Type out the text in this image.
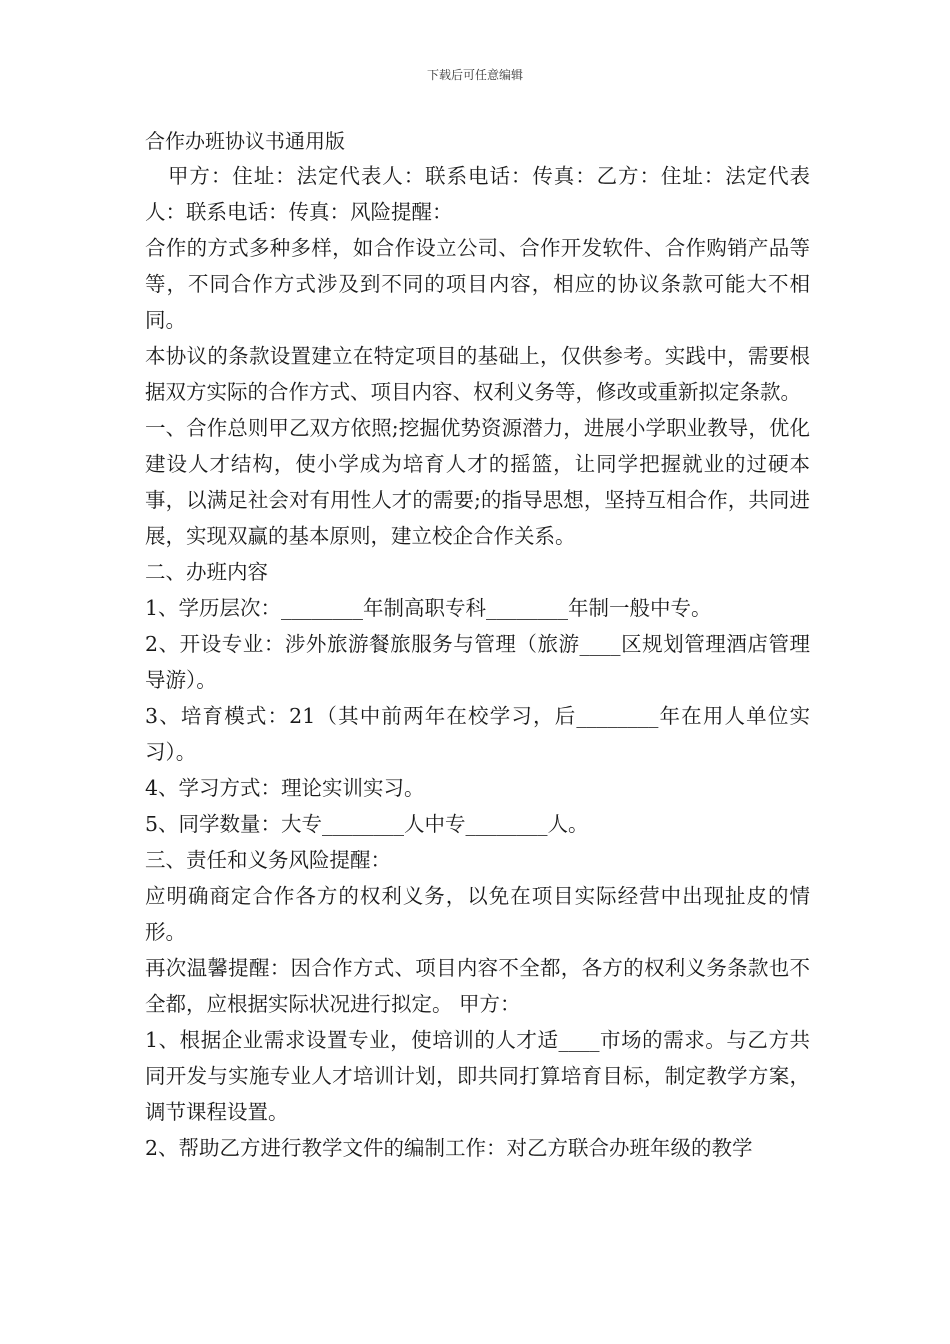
下载后可任意编辑
合作办班协议书通用版

甲方：住址：法定代表人：联系电话：传真：乙方：住址：法定代表人：联系电话：传真：风险提醒：

合作的方式多种多样，如合作设立公司、合作开发软件、合作购销产品等等，不同合作方式涉及到不同的项目内容，相应的协议条款可能大不相同。

本协议的条款设置建立在特定项目的基础上，仅供参考。实践中，需要根据双方实际的合作方式、项目内容、权利义务等，修改或重新拟定条款。

一、合作总则甲乙双方依照;挖掘优势资源潜力，进展小学职业教导，优化建设人才结构，使小学成为培育人才的摇篮，让同学把握就业的过硬本事，以满足社会对有用性人才的需要;的指导思想，坚持互相合作，共同进展，实现双赢的基本原则，建立校企合作关系。

二、办班内容

1、学历层次：________年制高职专科________年制一般中专。

2、开设专业：涉外旅游餐旅服务与管理（旅游____区规划管理酒店管理导游）。

3、培育模式：21（其中前两年在校学习，后________年在用人单位实习）。

4、学习方式：理论实训实习。

5、同学数量：大专________人中专________人。

三、责任和义务风险提醒：

应明确商定合作各方的权利义务，以免在项目实际经营中出现扯皮的情形。

再次温馨提醒：因合作方式、项目内容不全都，各方的权利义务条款也不全都，应根据实际状况进行拟定。 甲方：

1、根据企业需求设置专业，使培训的人才适____市场的需求。与乙方共同开发与实施专业人才培训计划，即共同打算培育目标，制定教学方案，调节课程设置。

2、帮助乙方进行教学文件的编制工作：对乙方联合办班年级的教学
